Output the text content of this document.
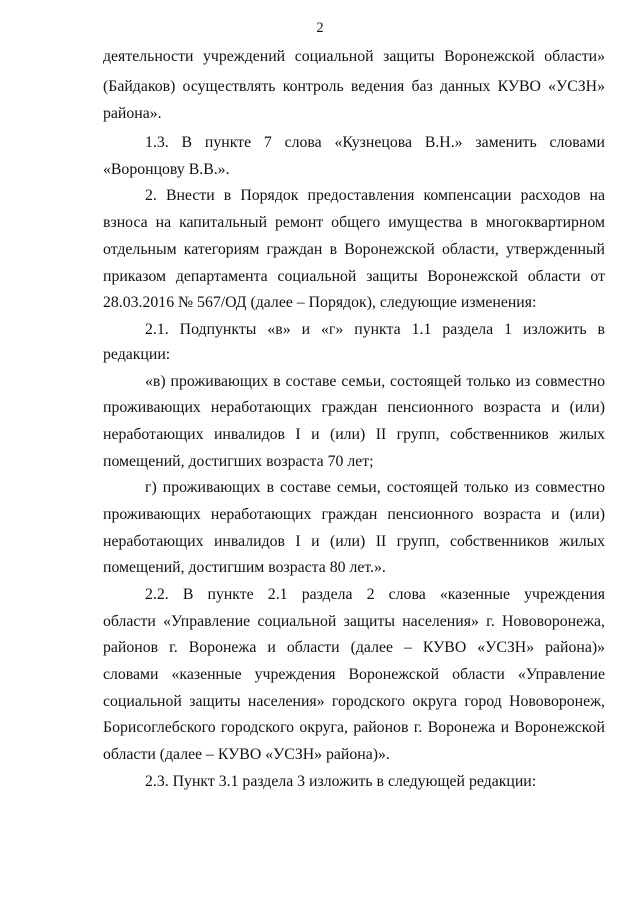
2
деятельности учреждений социальной защиты Воронежской области»
(Байдаков) осуществлять контроль ведения баз данных КУВО «УСЗН»
района».
1.3. В пункте 7 слова «Кузнецова В.Н.» заменить словами
«Воронцову В.В.».
2. Внести в Порядок предоставления компенсации расходов на
взноса на капитальный ремонт общего имущества в многоквартирном
отдельным категориям граждан в Воронежской области, утвержденный
приказом департамента социальной защиты Воронежской области от
28.03.2016 № 567/ОД (далее – Порядок), следующие изменения:
2.1. Подпункты «в» и «г» пункта 1.1 раздела 1 изложить в
редакции:
«в) проживающих в составе семьи, состоящей только из совместно
проживающих неработающих граждан пенсионного возраста и (или)
неработающих инвалидов I и (или) II групп, собственников жилых
помещений, достигших возраста 70 лет;
г) проживающих в составе семьи, состоящей только из совместно
проживающих неработающих граждан пенсионного возраста и (или)
неработающих инвалидов I и (или) II групп, собственников жилых
помещений, достигшим возраста 80 лет.».
2.2. В пункте 2.1 раздела 2 слова «казенные учреждения
области «Управление социальной защиты населения» г. Нововоронежа,
районов г. Воронежа и области (далее – КУВО «УСЗН» района)»
словами «казенные учреждения Воронежской области «Управление
социальной защиты населения» городского округа город Нововоронеж,
Борисоглебского городского округа, районов г. Воронежа и Воронежской
области (далее – КУВО «УСЗН» района)».
2.3. Пункт 3.1 раздела 3 изложить в следующей редакции:
